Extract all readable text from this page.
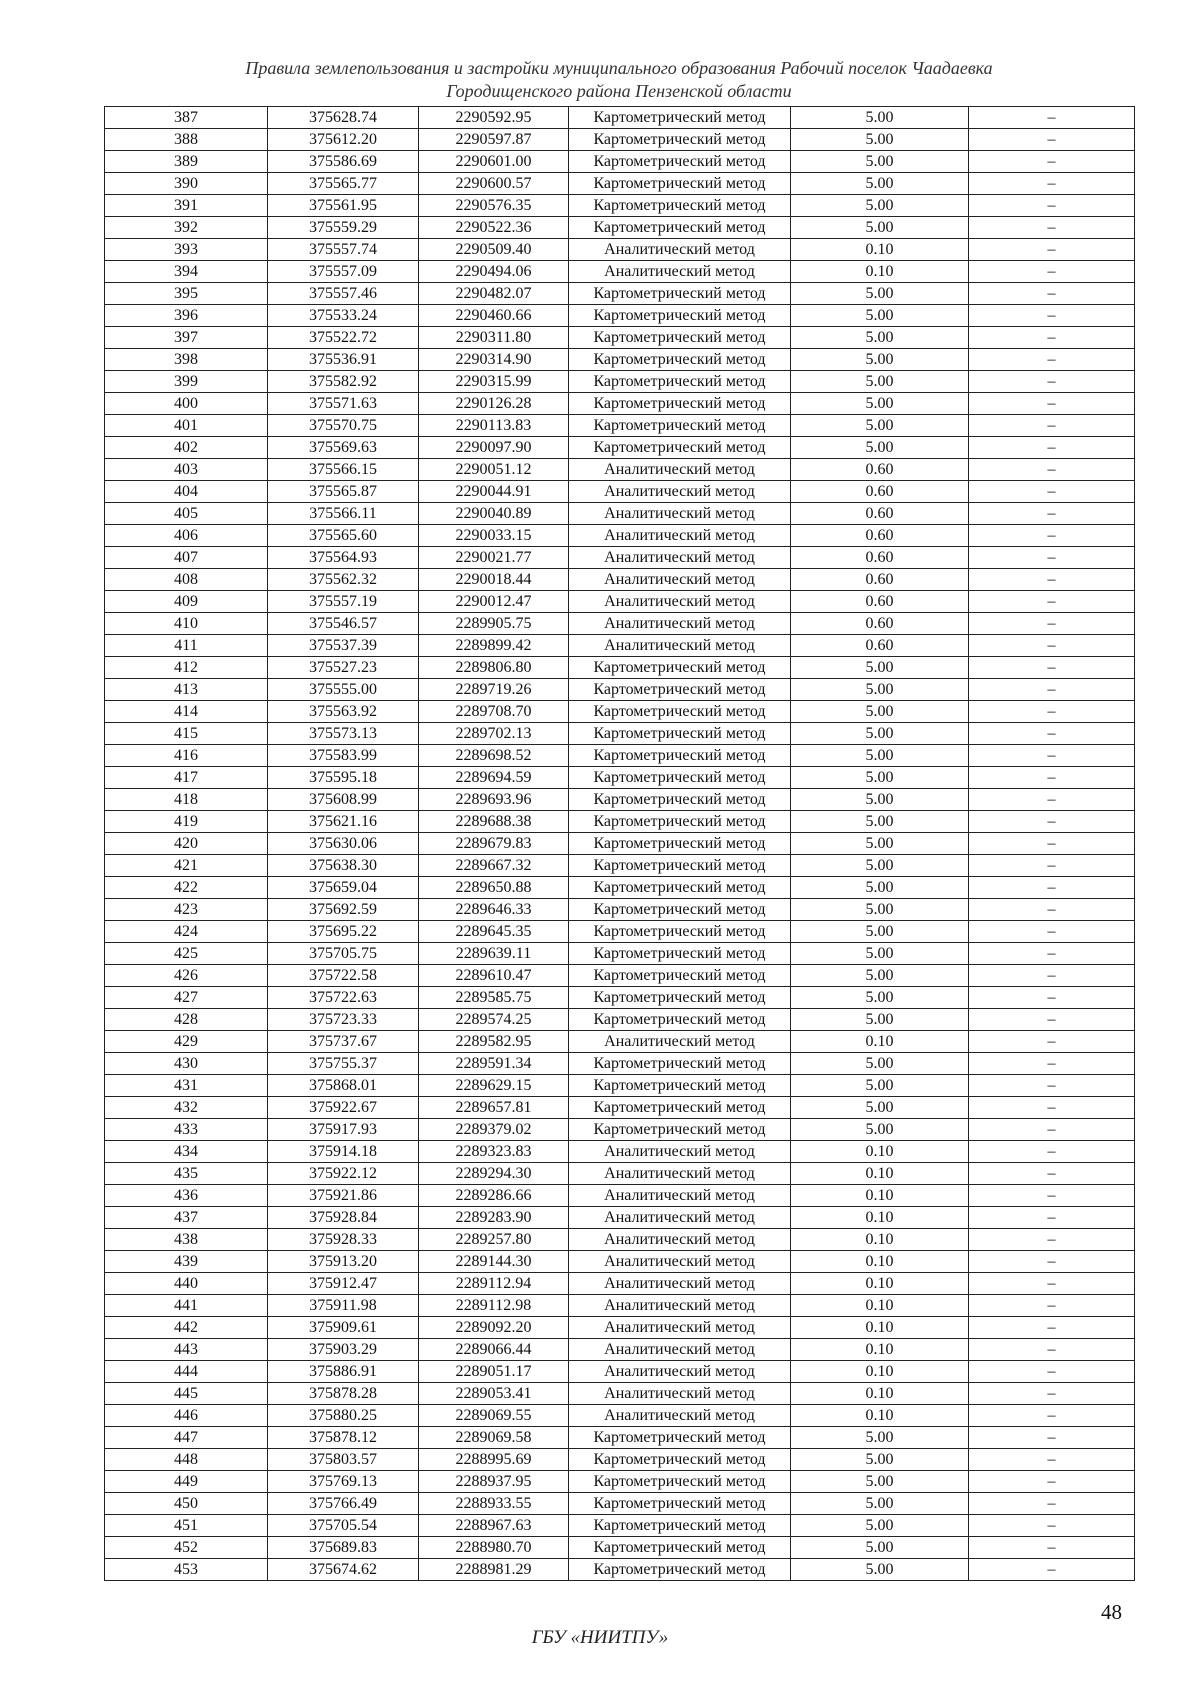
Правила землепользования и застройки муниципального образования Рабочий поселок Чаадаевка
Городищенского района Пензенской области
387	375628.74	2290592.95	Картометрический метод	5.00	–
388	375612.20	2290597.87	Картометрический метод	5.00	–
389	375586.69	2290601.00	Картометрический метод	5.00	–
390	375565.77	2290600.57	Картометрический метод	5.00	–
391	375561.95	2290576.35	Картометрический метод	5.00	–
392	375559.29	2290522.36	Картометрический метод	5.00	–
393	375557.74	2290509.40	Аналитический метод	0.10	–
394	375557.09	2290494.06	Аналитический метод	0.10	–
395	375557.46	2290482.07	Картометрический метод	5.00	–
396	375533.24	2290460.66	Картометрический метод	5.00	–
397	375522.72	2290311.80	Картометрический метод	5.00	–
398	375536.91	2290314.90	Картометрический метод	5.00	–
399	375582.92	2290315.99	Картометрический метод	5.00	–
400	375571.63	2290126.28	Картометрический метод	5.00	–
401	375570.75	2290113.83	Картометрический метод	5.00	–
402	375569.63	2290097.90	Картометрический метод	5.00	–
403	375566.15	2290051.12	Аналитический метод	0.60	–
404	375565.87	2290044.91	Аналитический метод	0.60	–
405	375566.11	2290040.89	Аналитический метод	0.60	–
406	375565.60	2290033.15	Аналитический метод	0.60	–
407	375564.93	2290021.77	Аналитический метод	0.60	–
408	375562.32	2290018.44	Аналитический метод	0.60	–
409	375557.19	2290012.47	Аналитический метод	0.60	–
410	375546.57	2289905.75	Аналитический метод	0.60	–
411	375537.39	2289899.42	Аналитический метод	0.60	–
412	375527.23	2289806.80	Картометрический метод	5.00	–
413	375555.00	2289719.26	Картометрический метод	5.00	–
414	375563.92	2289708.70	Картометрический метод	5.00	–
415	375573.13	2289702.13	Картометрический метод	5.00	–
416	375583.99	2289698.52	Картометрический метод	5.00	–
417	375595.18	2289694.59	Картометрический метод	5.00	–
418	375608.99	2289693.96	Картометрический метод	5.00	–
419	375621.16	2289688.38	Картометрический метод	5.00	–
420	375630.06	2289679.83	Картометрический метод	5.00	–
421	375638.30	2289667.32	Картометрический метод	5.00	–
422	375659.04	2289650.88	Картометрический метод	5.00	–
423	375692.59	2289646.33	Картометрический метод	5.00	–
424	375695.22	2289645.35	Картометрический метод	5.00	–
425	375705.75	2289639.11	Картометрический метод	5.00	–
426	375722.58	2289610.47	Картометрический метод	5.00	–
427	375722.63	2289585.75	Картометрический метод	5.00	–
428	375723.33	2289574.25	Картометрический метод	5.00	–
429	375737.67	2289582.95	Аналитический метод	0.10	–
430	375755.37	2289591.34	Картометрический метод	5.00	–
431	375868.01	2289629.15	Картометрический метод	5.00	–
432	375922.67	2289657.81	Картометрический метод	5.00	–
433	375917.93	2289379.02	Картометрический метод	5.00	–
434	375914.18	2289323.83	Аналитический метод	0.10	–
435	375922.12	2289294.30	Аналитический метод	0.10	–
436	375921.86	2289286.66	Аналитический метод	0.10	–
437	375928.84	2289283.90	Аналитический метод	0.10	–
438	375928.33	2289257.80	Аналитический метод	0.10	–
439	375913.20	2289144.30	Аналитический метод	0.10	–
440	375912.47	2289112.94	Аналитический метод	0.10	–
441	375911.98	2289112.98	Аналитический метод	0.10	–
442	375909.61	2289092.20	Аналитический метод	0.10	–
443	375903.29	2289066.44	Аналитический метод	0.10	–
444	375886.91	2289051.17	Аналитический метод	0.10	–
445	375878.28	2289053.41	Аналитический метод	0.10	–
446	375880.25	2289069.55	Аналитический метод	0.10	–
447	375878.12	2289069.58	Картометрический метод	5.00	–
448	375803.57	2288995.69	Картометрический метод	5.00	–
449	375769.13	2288937.95	Картометрический метод	5.00	–
450	375766.49	2288933.55	Картометрический метод	5.00	–
451	375705.54	2288967.63	Картометрический метод	5.00	–
452	375689.83	2288980.70	Картометрический метод	5.00	–
453	375674.62	2288981.29	Картометрический метод	5.00	–
48
ГБУ «НИИТПУ»
